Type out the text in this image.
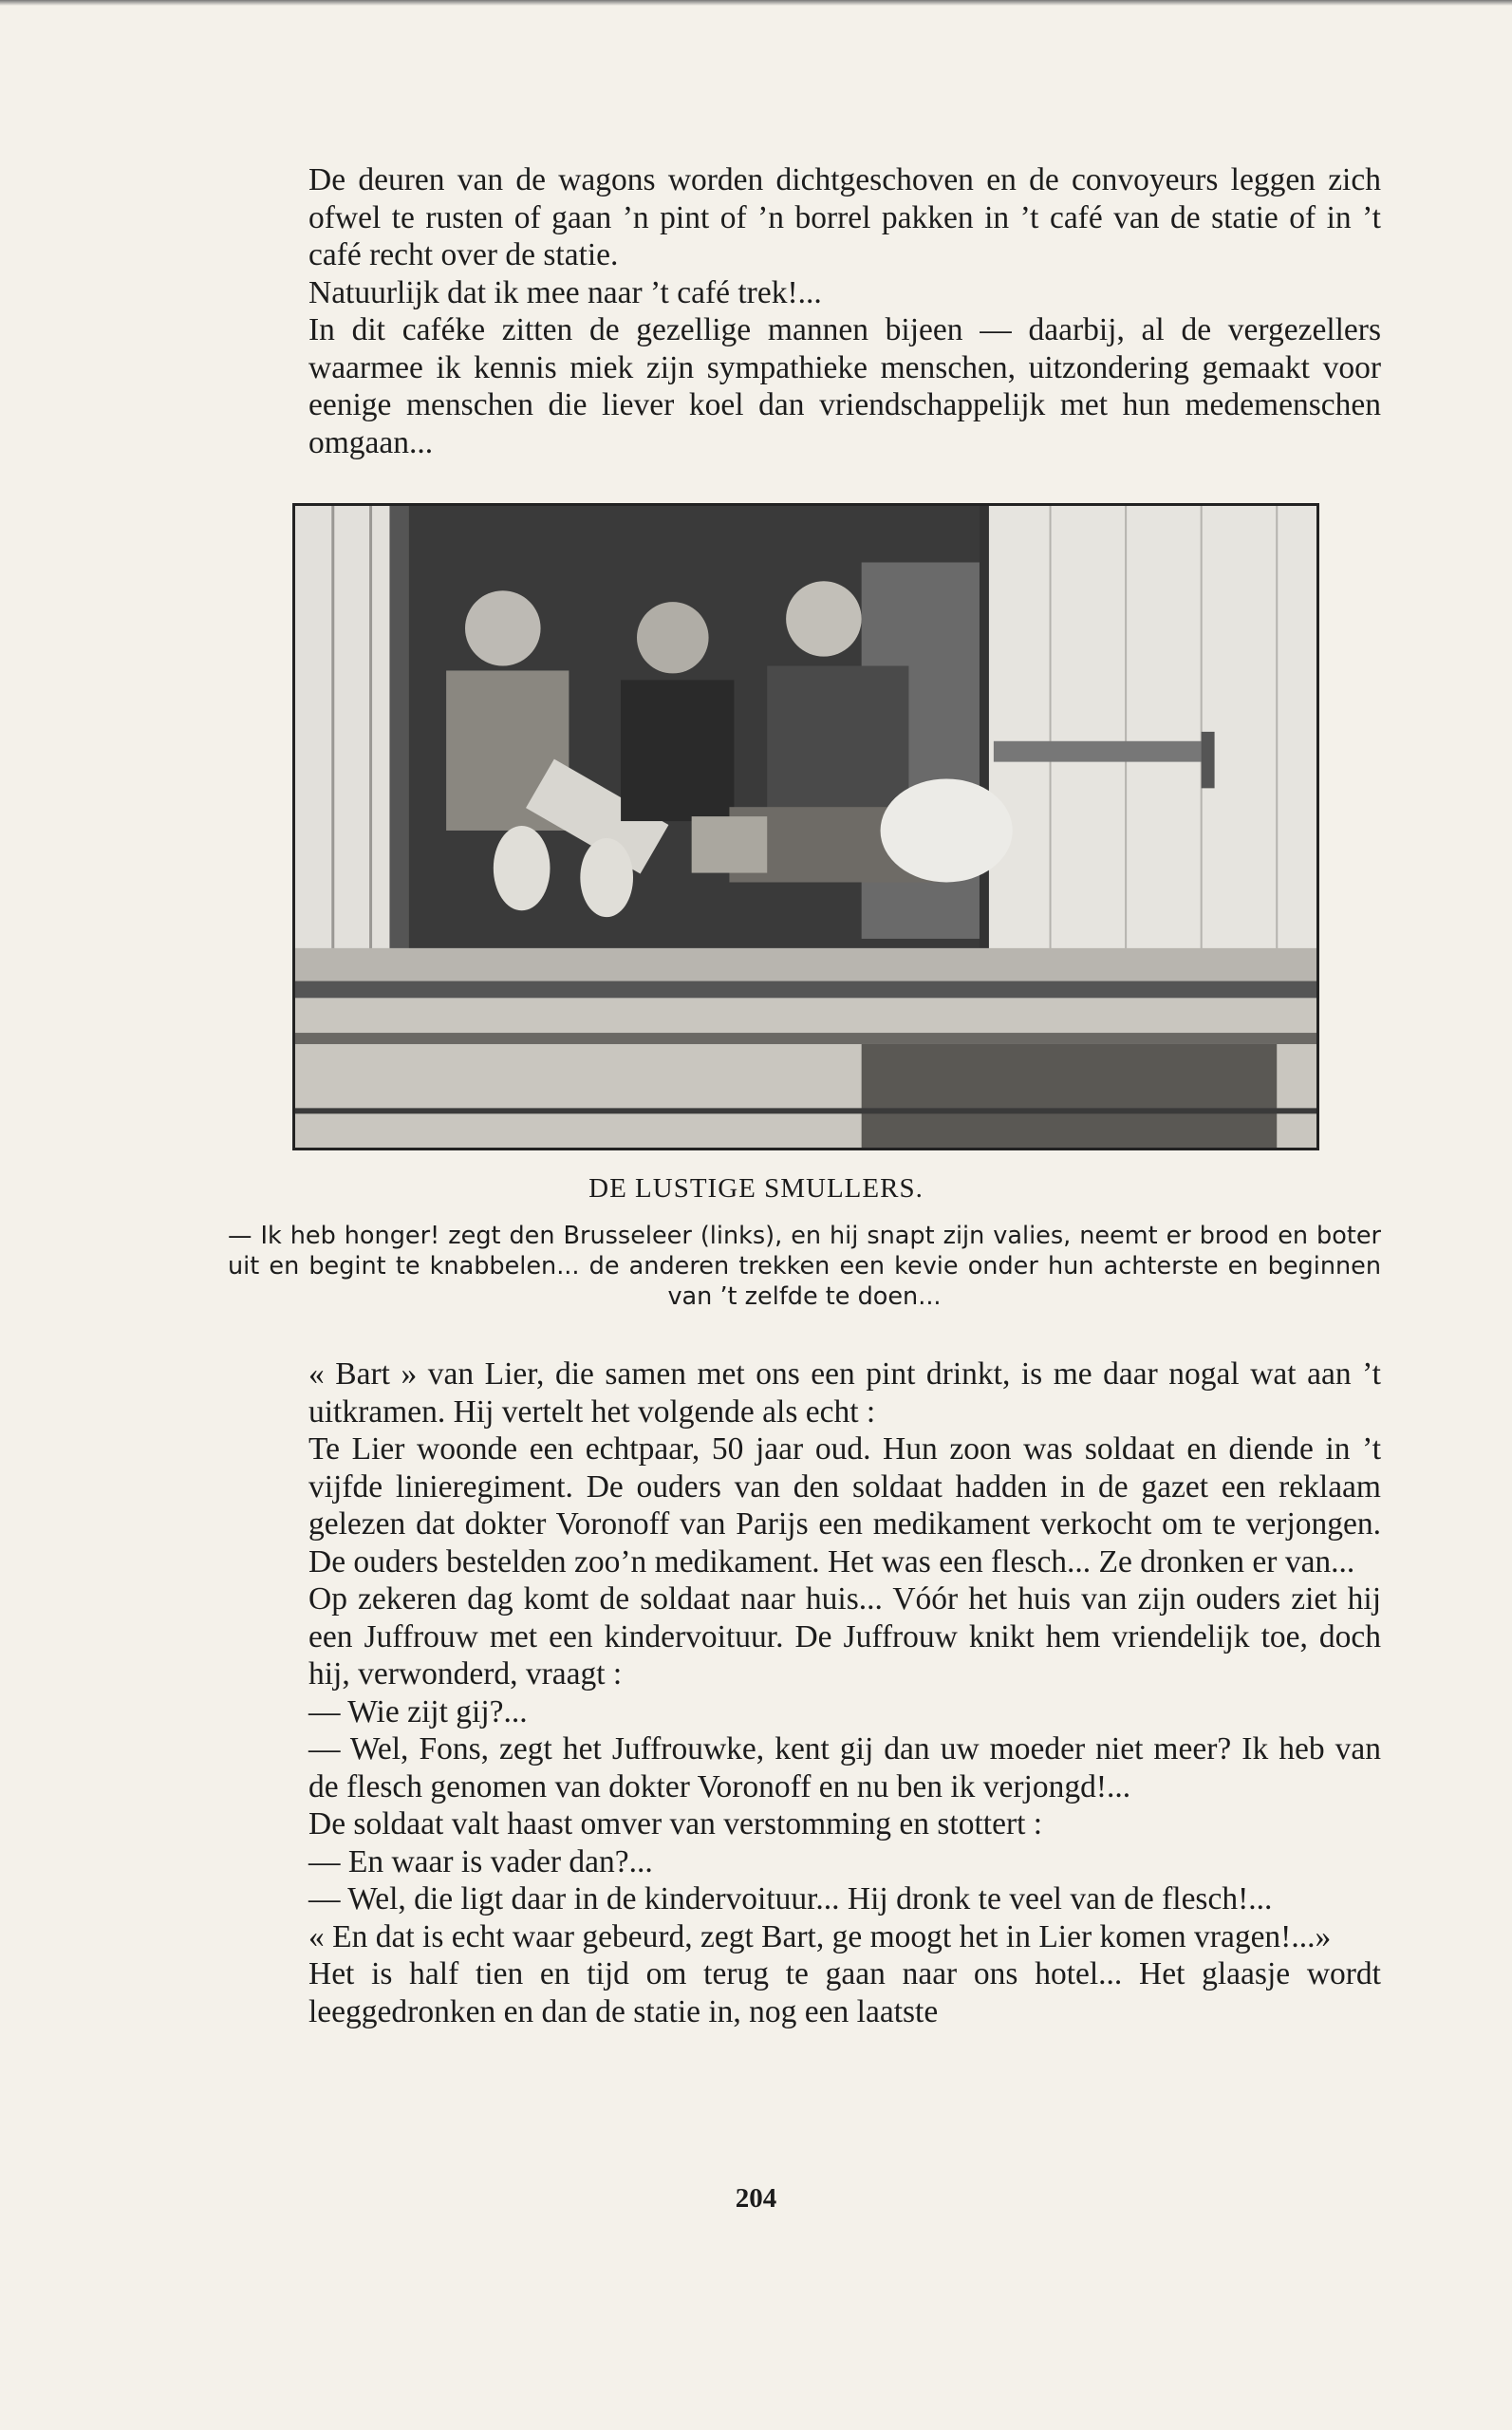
De deuren van de wagons worden dichtgeschoven en de convoyeurs leggen zich ofwel te rusten of gaan ’n pint of ’n borrel pakken in ’t café van de statie of in ’t café recht over de statie.

Natuurlijk dat ik mee naar ’t café trek!...

In dit caféke zitten de gezellige mannen bijeen — daarbij, al de vergezellers waarmee ik kennis miek zijn sympathieke menschen, uitzondering gemaakt voor eenige menschen die liever koel dan vriendschappelijk met hun medemenschen omgaan...

DE LUSTIGE SMULLERS.
— Ik heb honger! zegt den Brusseleer (links), en hij snapt zijn valies, neemt er brood en boter uit en begint te knabbelen... de anderen trekken een kevie onder hun achterste en beginnen van ’t zelfde te doen...

« Bart » van Lier, die samen met ons een pint drinkt, is me daar nogal wat aan ’t uitkramen. Hij vertelt het volgende als echt :

Te Lier woonde een echtpaar, 50 jaar oud. Hun zoon was soldaat en diende in ’t vijfde linieregiment. De ouders van den soldaat hadden in de gazet een reklaam gelezen dat dokter Voronoff van Parijs een medikament verkocht om te verjongen. De ouders bestelden zoo’n medikament. Het was een flesch... Ze dronken er van...

Op zekeren dag komt de soldaat naar huis... Vóór het huis van zijn ouders ziet hij een Juffrouw met een kindervoituur. De Juffrouw knikt hem vriendelijk toe, doch hij, verwonderd, vraagt :

— Wie zijt gij?...

— Wel, Fons, zegt het Juffrouwke, kent gij dan uw moeder niet meer? Ik heb van de flesch genomen van dokter Voronoff en nu ben ik verjongd!...

De soldaat valt haast omver van verstomming en stottert :

— En waar is vader dan?...

— Wel, die ligt daar in de kindervoituur... Hij dronk te veel van de flesch!...

« En dat is echt waar gebeurd, zegt Bart, ge moogt het in Lier komen vragen!...»

Het is half tien en tijd om terug te gaan naar ons hotel... Het glaasje wordt leeggedronken en dan de statie in, nog een laatste

204
